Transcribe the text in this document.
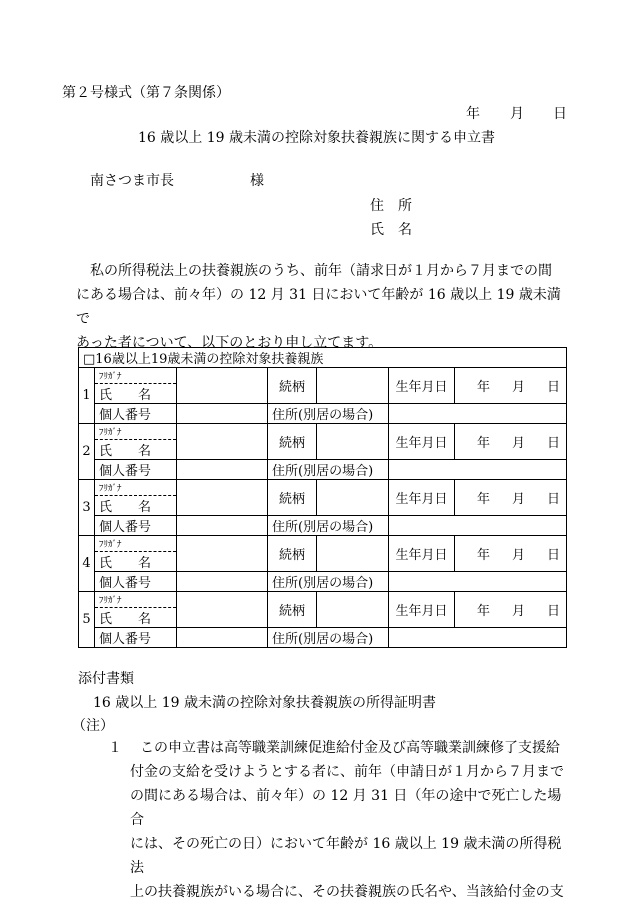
第２号様式（第７条関係）
年 月 日
16 歳以上 19 歳未満の控除対象扶養親族に関する申立書
南さつま市長	様
住　所
氏　名

私の所得税法上の扶養親族のうち、前年（請求日が１月から７月までの間

にある場合は、前々年）の 12 月 31 日において年齢が 16 歳以上 19 歳未満で

あった者について、以下のとおり申し立てます。

□16歳以上19歳未満の控除対象扶養親族						
1	ﾌﾘｶﾞﾅ		続柄		生年月日	年 月 日

	氏　　名					
	個人番号		住所(別居の場合)			
2	ﾌﾘｶﾞﾅ		続柄		生年月日	年 月 日

	氏　　名					
	個人番号		住所(別居の場合)			
3	ﾌﾘｶﾞﾅ		続柄		生年月日	年 月 日

	氏　　名					
	個人番号		住所(別居の場合)			
4	ﾌﾘｶﾞﾅ		続柄		生年月日	年 月 日

	氏　　名					
	個人番号		住所(別居の場合)			
5	ﾌﾘｶﾞﾅ		続柄		生年月日	年 月 日

	氏　　名					
	個人番号		住所(別居の場合)			
添付書類
16 歳以上 19 歳未満の控除対象扶養親族の所得証明書
（注）
１	この申立書は高等職業訓練促進給付金及び高等職業訓練修了支援給
付金の支給を受けようとする者に、前年（申請日が１月から７月まで
の間にある場合は、前々年）の 12 月 31 日（年の途中で死亡した場合
には、その死亡の日）において年齢が 16 歳以上 19 歳未満の所得税法
上の扶養親族がいる場合に、その扶養親族の氏名や、当該給付金の支
